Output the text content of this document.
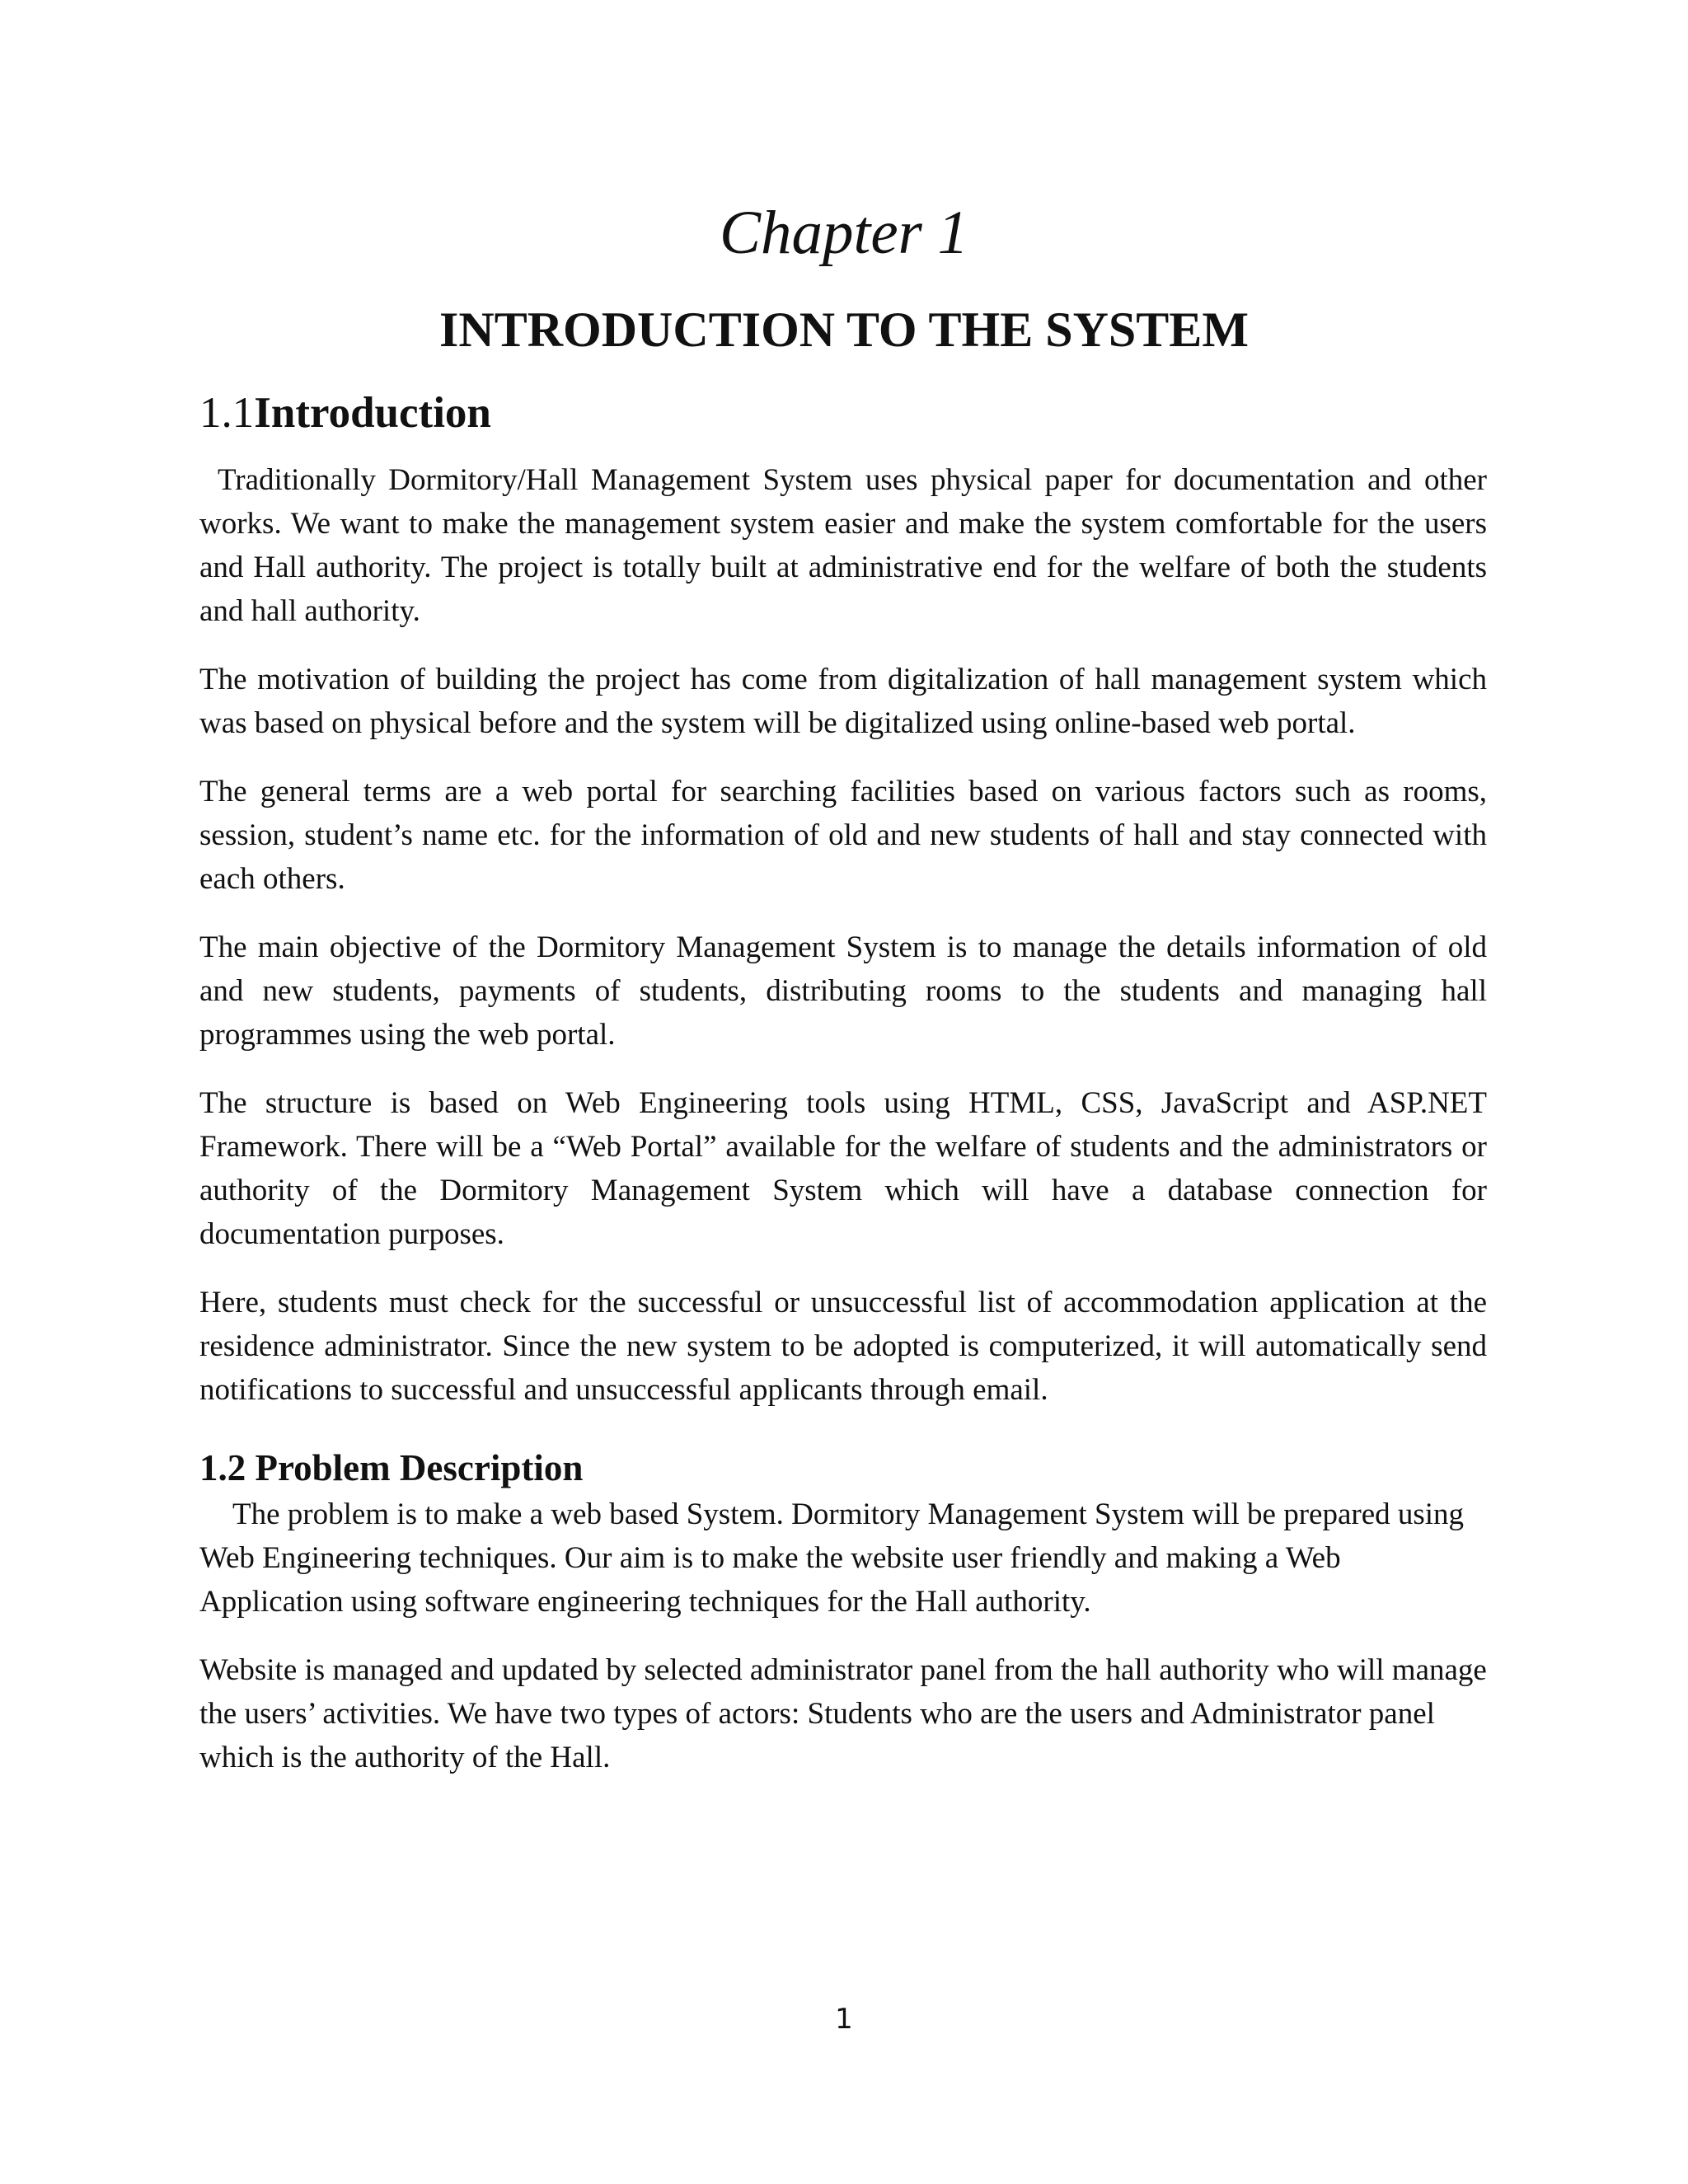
Chapter 1
INTRODUCTION TO THE SYSTEM
1.1Introduction

Traditionally Dormitory/Hall Management System uses physical paper for documentation and other works. We want to make the management system easier and make the system comfortable for the users and Hall authority. The project is totally built at administrative end for the welfare of both the students and hall authority.

The motivation of building the project has come from digitalization of hall management system which was based on physical before and the system will be digitalized using online-based web portal.

The general terms are a web portal for searching facilities based on various factors such as rooms, session, student’s name etc. for the information of old and new students of hall and stay connected with each others.

The main objective of the Dormitory Management System is to manage the details information of old and new students, payments of students, distributing rooms to the students and managing hall programmes using the web portal.

The structure is based on Web Engineering tools using HTML, CSS, JavaScript and ASP.NET Framework. There will be a “Web Portal” available for the welfare of students and the administrators or authority of the Dormitory Management System which will have a database connection for documentation purposes.

Here, students must check for the successful or unsuccessful list of accommodation application at the residence administrator. Since the new system to be adopted is computerized, it will automatically send notifications to successful and unsuccessful applicants through email.

1.2 Problem Description

The problem is to make a web based System. Dormitory Management System will be prepared using Web Engineering techniques. Our aim is to make the website user friendly and making a Web Application using software engineering techniques for the Hall authority.

Website is managed and updated by selected administrator panel from the hall authority who will manage the users’ activities. We have two types of actors: Students who are the users and Administrator panel which is the authority of the Hall.

1
